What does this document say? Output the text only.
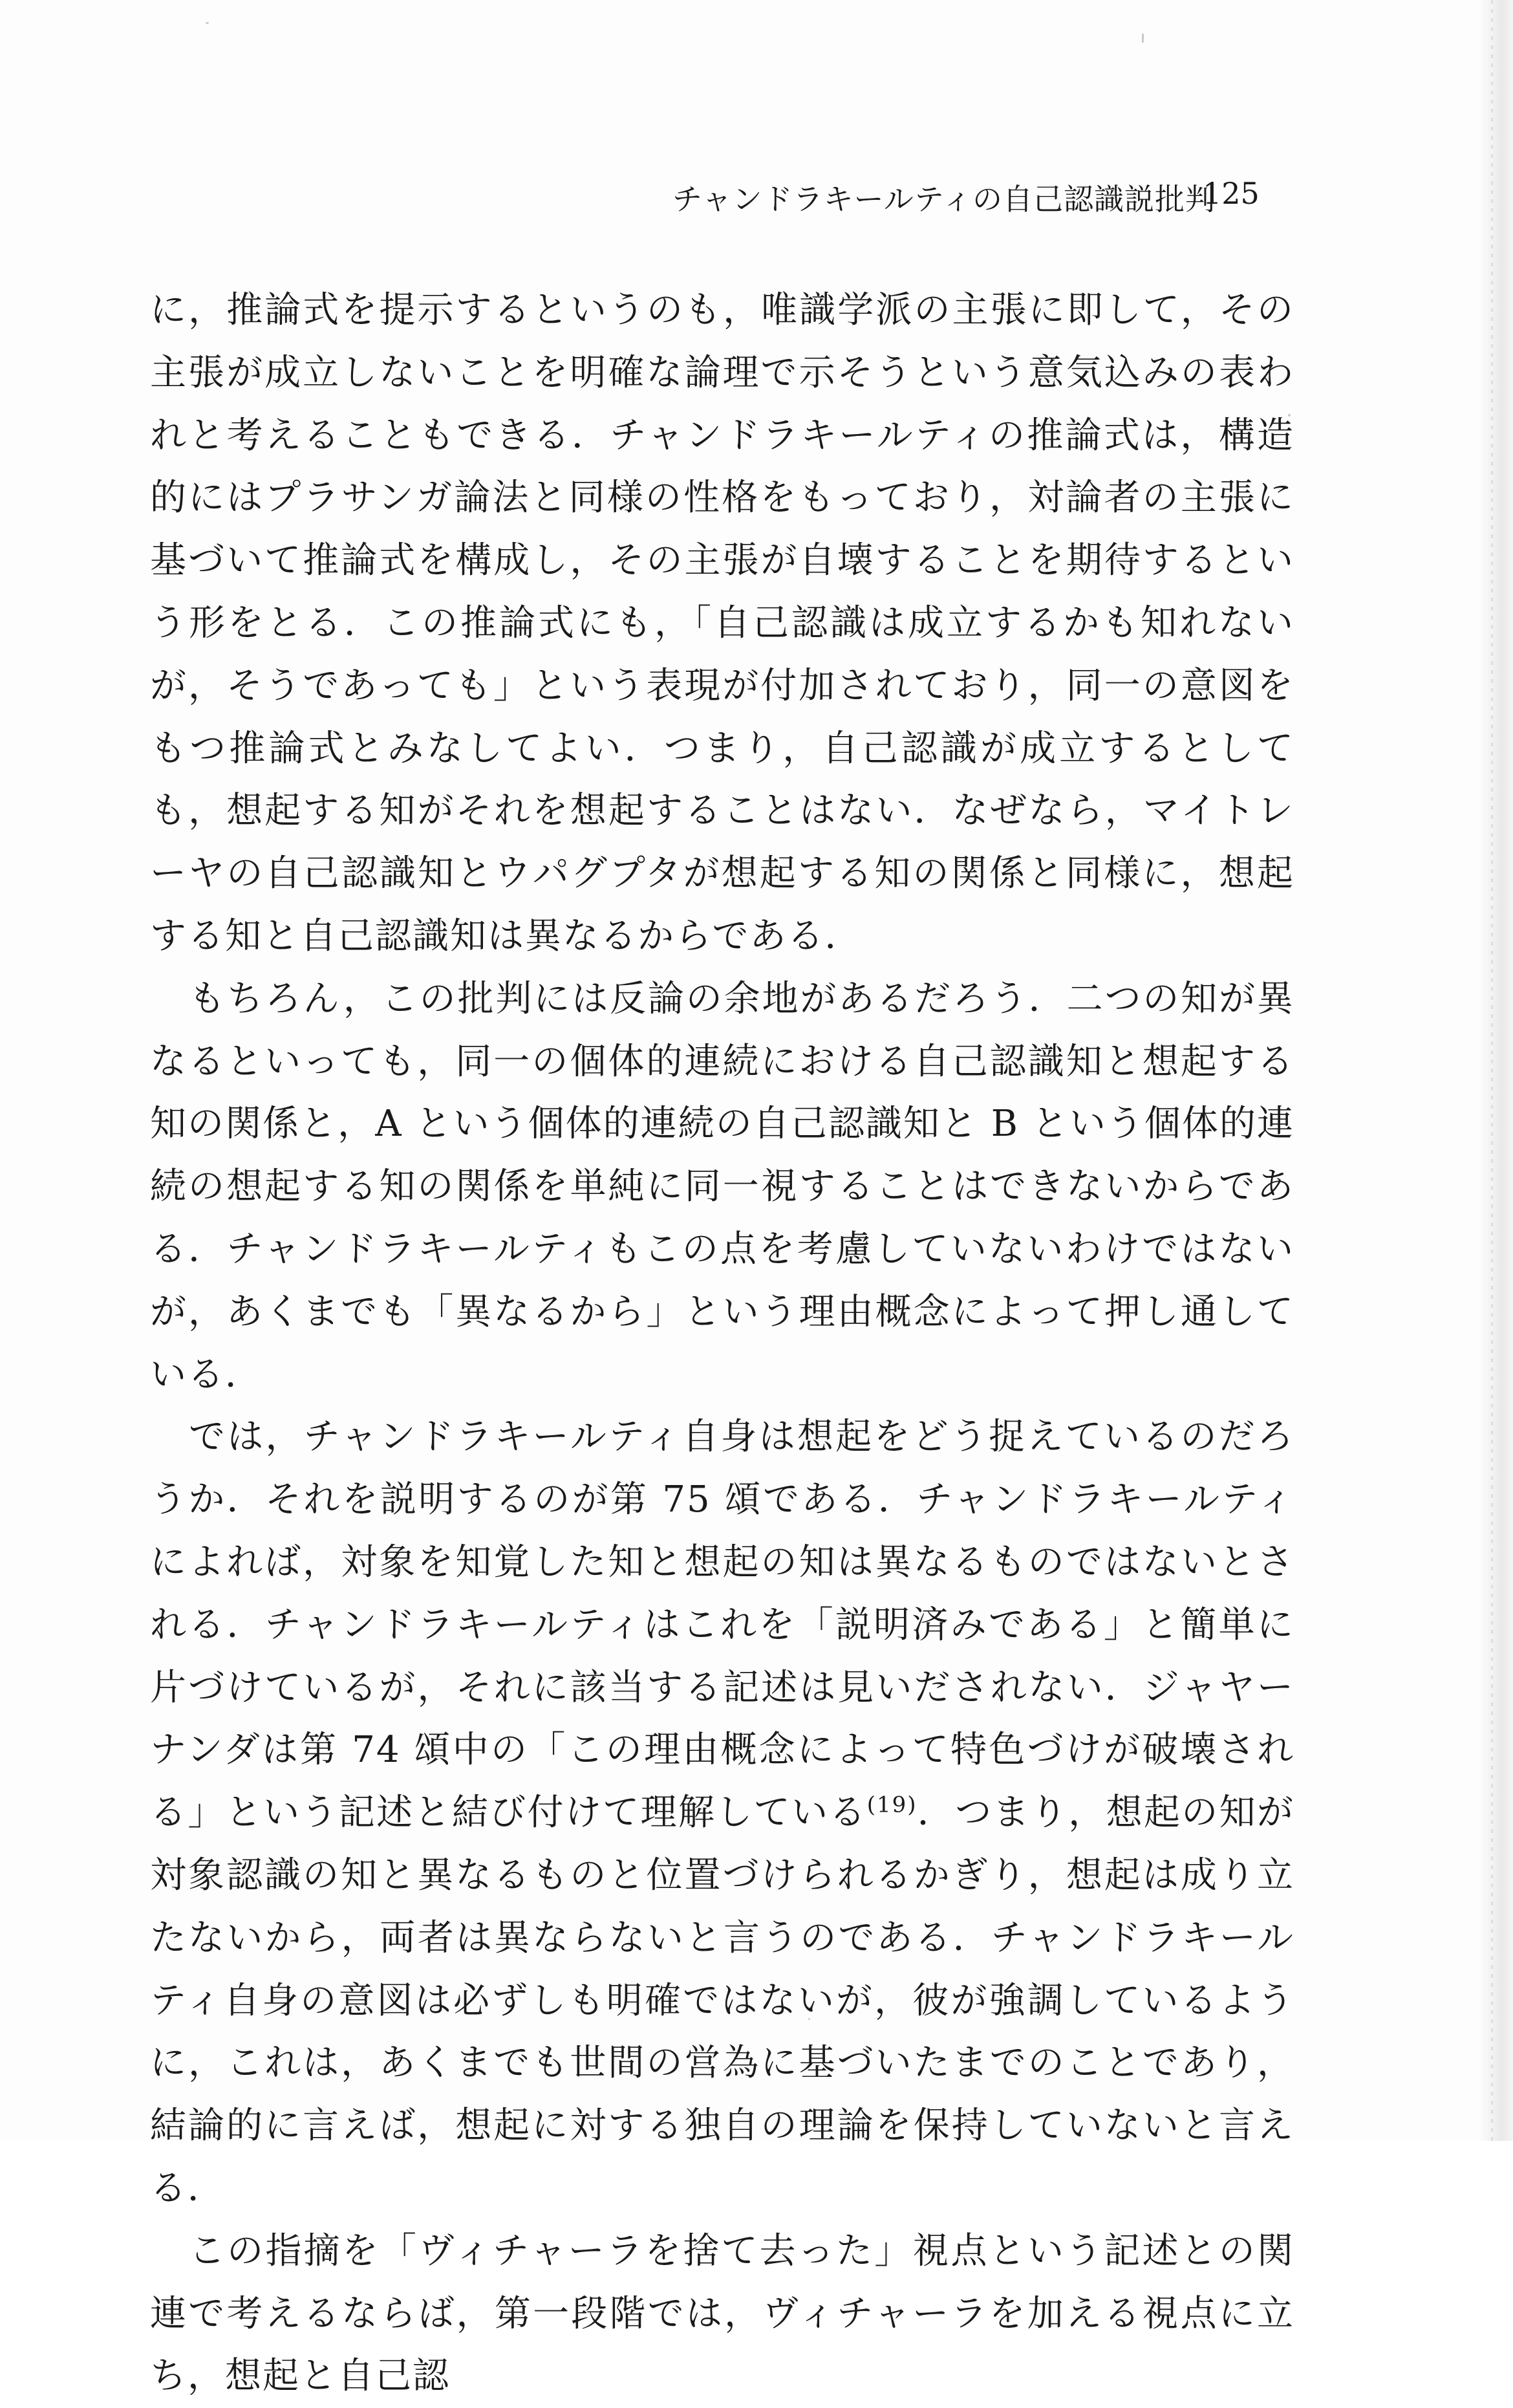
チャンドラキールティの自己認識説批判
125

に，推論式を提示するというのも，唯識学派の主張に即して，その主張が成立しないことを明確な論理で示そうという意気込みの表われと考えることもできる．チャンドラキールティの推論式は，構造的にはプラサンガ論法と同様の性格をもっており，対論者の主張に基づいて推論式を構成し，その主張が自壊することを期待するという形をとる．この推論式にも，「自己認識は成立するかも知れないが，そうであっても」という表現が付加されており，同一の意図をもつ推論式とみなしてよい．つまり，自己認識が成立するとしても，想起する知がそれを想起することはない．なぜなら，マイトレーヤの自己認識知とウパグプタが想起する知の関係と同様に，想起する知と自己認識知は異なるからである．

もちろん，この批判には反論の余地があるだろう．二つの知が異なるといっても，同一の個体的連続における自己認識知と想起する知の関係と，A という個体的連続の自己認識知と B という個体的連続の想起する知の関係を単純に同一視することはできないからである．チャンドラキールティもこの点を考慮していないわけではないが，あくまでも「異なるから」という理由概念によって押し通している．

では，チャンドラキールティ自身は想起をどう捉えているのだろうか．それを説明するのが第 75 頌である．チャンドラキールティによれば，対象を知覚した知と想起の知は異なるものではないとされる．チャンドラキールティはこれを「説明済みである」と簡単に片づけているが，それに該当する記述は見いだされない．ジャヤーナンダは第 74 頌中の「この理由概念によって特色づけが破壊される」という記述と結び付けて理解している$^{(19)}$．つまり，想起の知が対象認識の知と異なるものと位置づけられるかぎり，想起は成り立たないから，両者は異ならないと言うのである．チャンドラキールティ自身の意図は必ずしも明確ではないが，彼が強調しているように，これは，あくまでも世間の営為に基づいたまでのことであり，結論的に言えば，想起に対する独自の理論を保持していないと言える．

この指摘を「ヴィチャーラを捨て去った」視点という記述との関連で考えるならば，第一段階では，ヴィチャーラを加える視点に立ち，想起と自己認
